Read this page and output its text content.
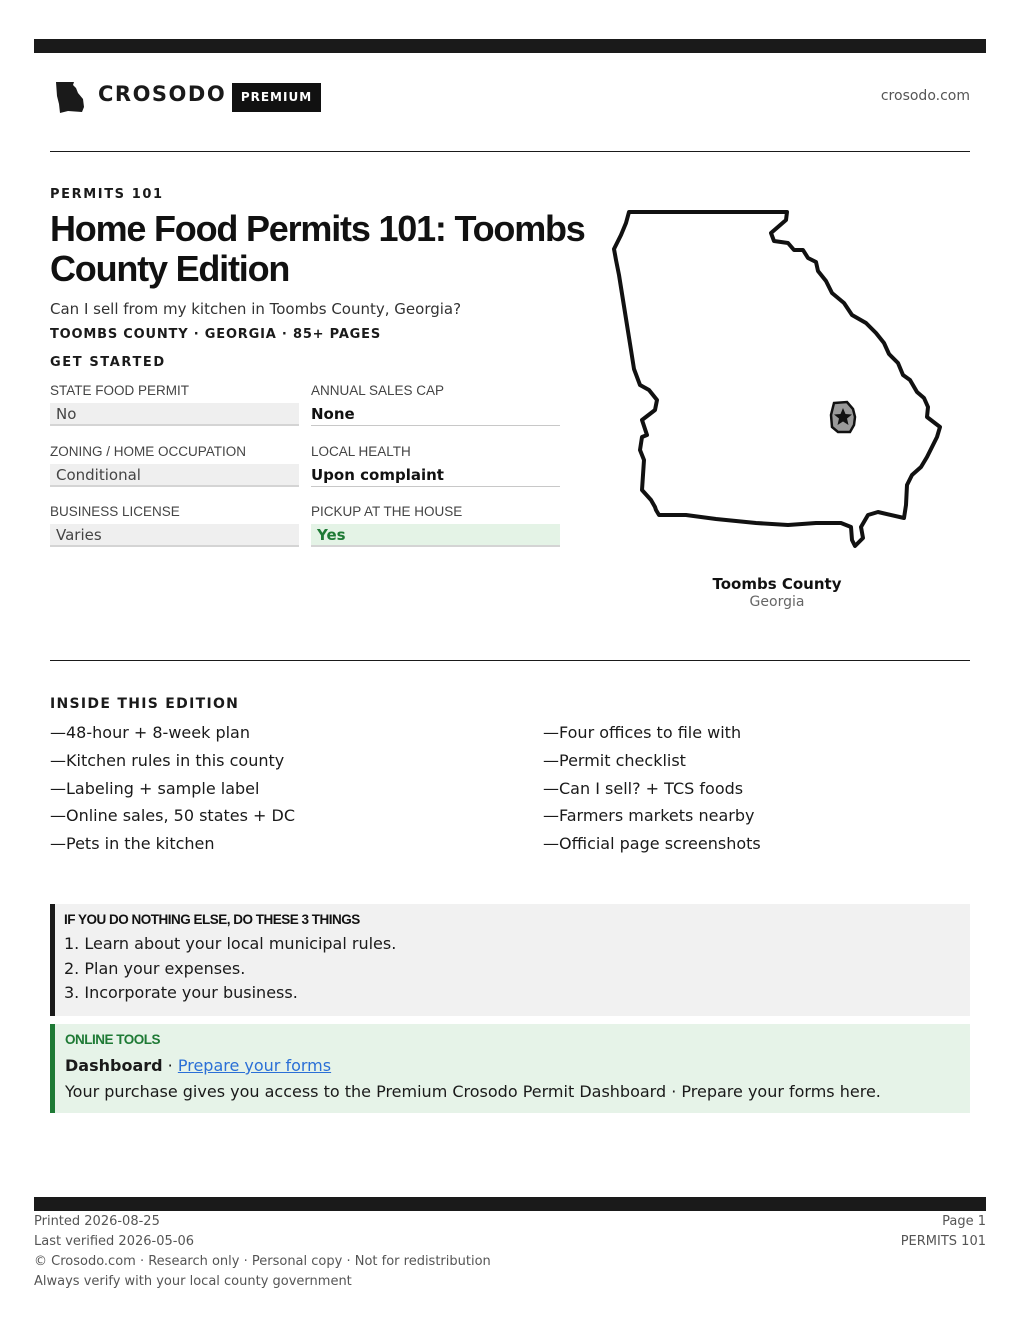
CROSODO	PREMIUM	crosodo.com
PERMITS 101
Home Food Permits 101: Toombs County Edition
Can I sell from my kitchen in Toombs County, Georgia?
TOOMBS COUNTY · GEORGIA · 85+ PAGES
GET STARTED
STATE FOOD PERMIT
No
ANNUAL SALES CAP
None
ZONING / HOME OCCUPATION
Conditional
LOCAL HEALTH
Upon complaint
BUSINESS LICENSE
Varies
PICKUP AT THE HOUSE
Yes
Toombs County
Georgia
INSIDE THIS EDITION
—48-hour + 8-week plan
—Kitchen rules in this county
—Labeling + sample label
—Online sales, 50 states + DC
—Pets in the kitchen
—Four offices to file with
—Permit checklist
—Can I sell? + TCS foods
—Farmers markets nearby
—Official page screenshots
IF YOU DO NOTHING ELSE, DO THESE 3 THINGS
1. Learn about your local municipal rules.
2. Plan your expenses.
3. Incorporate your business.
ONLINE TOOLS
Dashboard · Prepare your forms
Your purchase gives you access to the Premium Crosodo Permit Dashboard · Prepare your forms here.
Printed 2026-08-25
Last verified 2026-05-06
© Crosodo.com · Research only · Personal copy · Not for redistribution
Always verify with your local county government
Page 1
PERMITS 101
